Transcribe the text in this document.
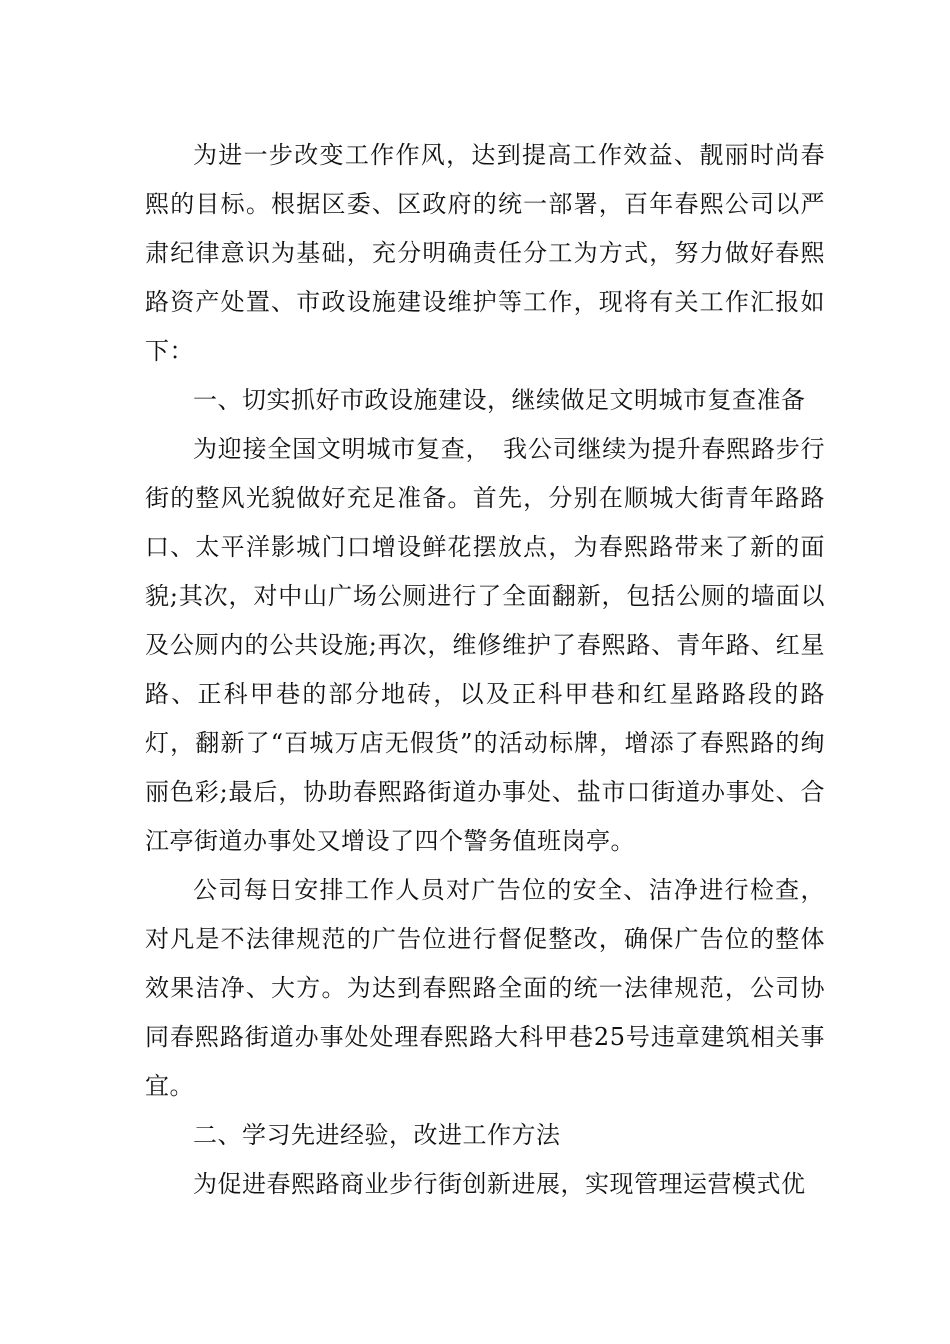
为进一步改变工作作风，达到提高工作效益、靓丽时尚春熙的目标。根据区委、区政府的统一部署，百年春熙公司以严肃纪律意识为基础，充分明确责任分工为方式，努力做好春熙路资产处置、市政设施建设维护等工作，现将有关工作汇报如下：

一、切实抓好市政设施建设，继续做足文明城市复查准备

为迎接全国文明城市复查，　我公司继续为提升春熙路步行街的整风光貌做好充足准备。首先，分别在顺城大街青年路路口、太平洋影城门口增设鲜花摆放点，为春熙路带来了新的面貌;其次，对中山广场公厕进行了全面翻新，包括公厕的墙面以及公厕内的公共设施;再次，维修维护了春熙路、青年路、红星路、正科甲巷的部分地砖，以及正科甲巷和红星路路段的路灯，翻新了“百城万店无假货”的活动标牌，增添了春熙路的绚丽色彩;最后，协助春熙路街道办事处、盐市口街道办事处、合江亭街道办事处又增设了四个警务值班岗亭。

公司每日安排工作人员对广告位的安全、洁净进行检查，对凡是不法律规范的广告位进行督促整改，确保广告位的整体效果洁净、大方。为达到春熙路全面的统一法律规范，公司协同春熙路街道办事处处理春熙路大科甲巷25号违章建筑相关事宜。

二、学习先进经验，改进工作方法

为促进春熙路商业步行街创新进展，实现管理运营模式优
